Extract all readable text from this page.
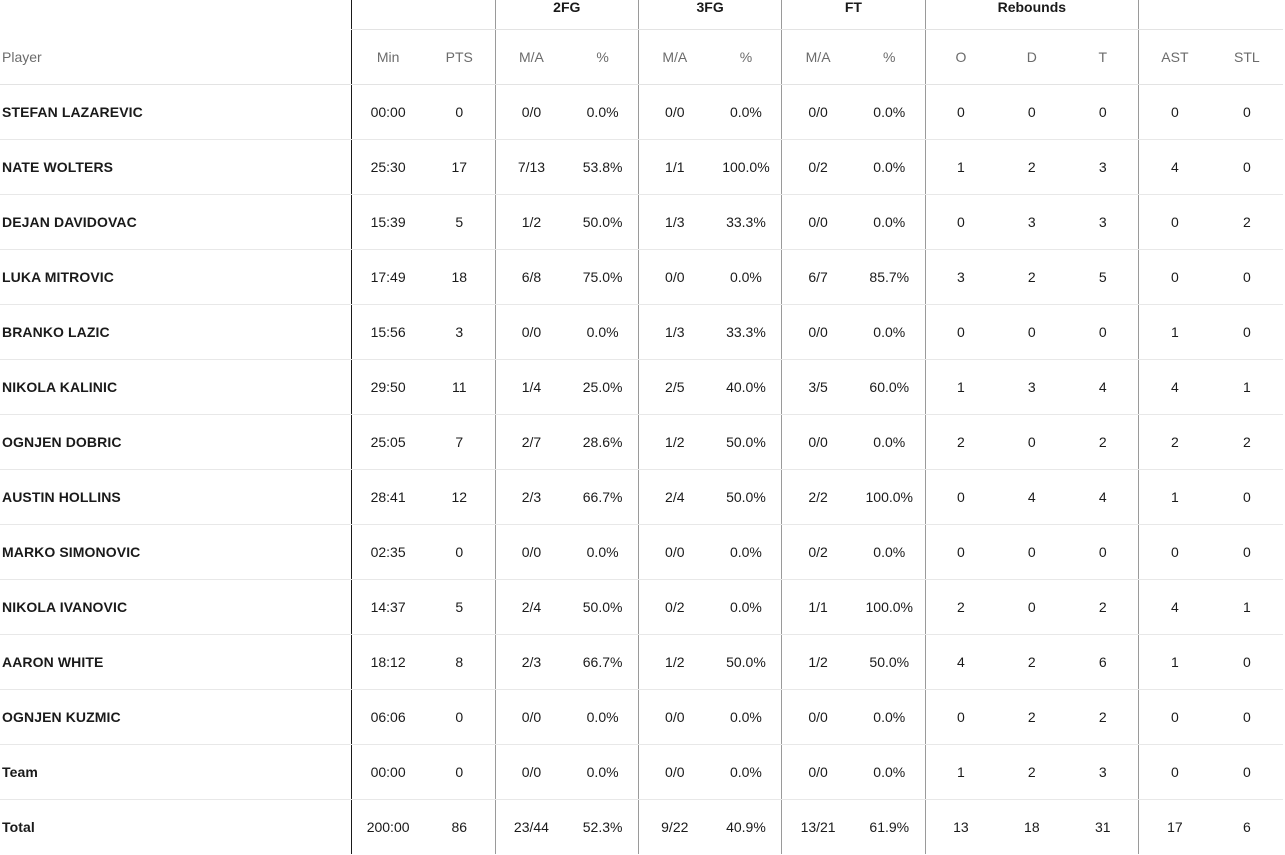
			2FG		3FG		FT		Rebounds				
Player	Min	PTS	M/A	%	M/A	%	M/A	%	O	D	T	AST	STL
STEFAN LAZAREVIC	00:00	0	0/0	0.0%	0/0	0.0%	0/0	0.0%	0	0	0	0	0
NATE WOLTERS	25:30	17	7/13	53.8%	1/1	100.0%	0/2	0.0%	1	2	3	4	0
DEJAN DAVIDOVAC	15:39	5	1/2	50.0%	1/3	33.3%	0/0	0.0%	0	3	3	0	2
LUKA MITROVIC	17:49	18	6/8	75.0%	0/0	0.0%	6/7	85.7%	3	2	5	0	0
BRANKO LAZIC	15:56	3	0/0	0.0%	1/3	33.3%	0/0	0.0%	0	0	0	1	0
NIKOLA KALINIC	29:50	11	1/4	25.0%	2/5	40.0%	3/5	60.0%	1	3	4	4	1
OGNJEN DOBRIC	25:05	7	2/7	28.6%	1/2	50.0%	0/0	0.0%	2	0	2	2	2
AUSTIN HOLLINS	28:41	12	2/3	66.7%	2/4	50.0%	2/2	100.0%	0	4	4	1	0
MARKO SIMONOVIC	02:35	0	0/0	0.0%	0/0	0.0%	0/2	0.0%	0	0	0	0	0
NIKOLA IVANOVIC	14:37	5	2/4	50.0%	0/2	0.0%	1/1	100.0%	2	0	2	4	1
AARON WHITE	18:12	8	2/3	66.7%	1/2	50.0%	1/2	50.0%	4	2	6	1	0
OGNJEN KUZMIC	06:06	0	0/0	0.0%	0/0	0.0%	0/0	0.0%	0	2	2	0	0
Team	00:00	0	0/0	0.0%	0/0	0.0%	0/0	0.0%	1	2	3	0	0
Total	200:00	86	23/44	52.3%	9/22	40.9%	13/21	61.9%	13	18	31	17	6
